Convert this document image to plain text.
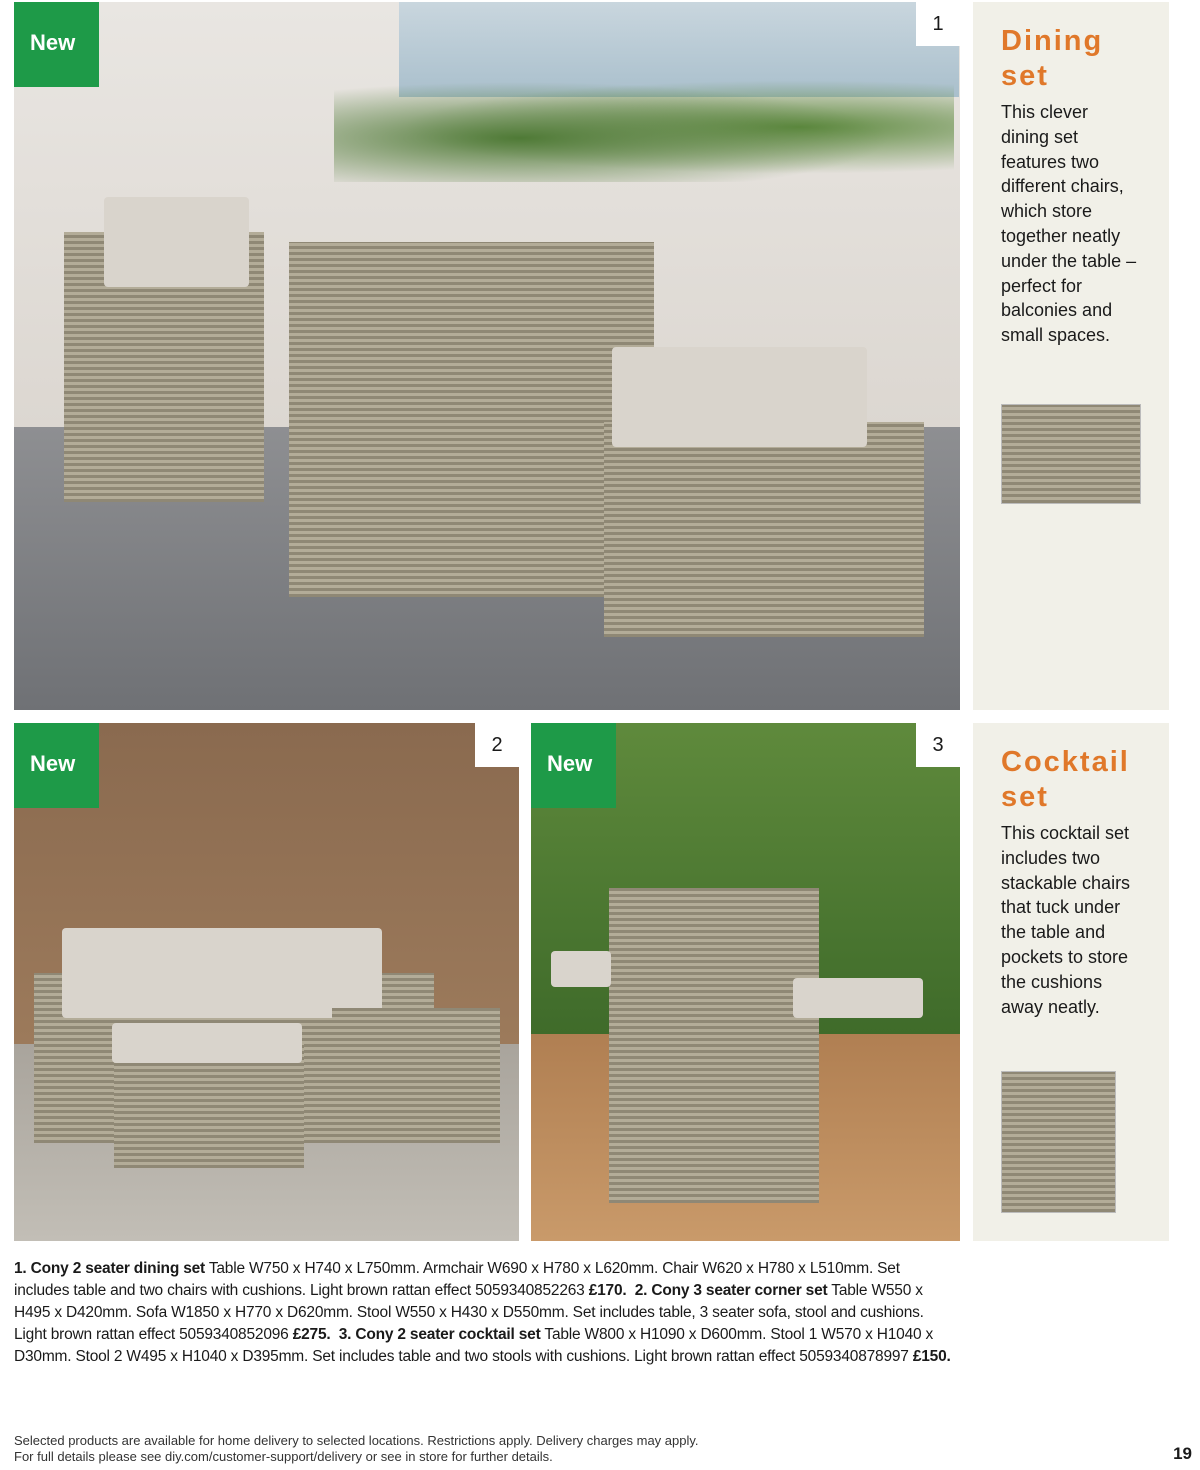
New
1
Dining set

This clever dining set features two different chairs, which store together neatly under the table – perfect for balconies and small spaces.

New
2
New
3
Cocktail set

This cocktail set includes two stackable chairs that tuck under the table and pockets to store the cushions away neatly.

1. Cony 2 seater dining set Table W750 x H740 x L750mm. Armchair W690 x H780 x L620mm. Chair W620 x H780 x L510mm. Set includes table and two chairs with cushions. Light brown rattan effect 5059340852263 £170. 2. Cony 3 seater corner set Table W550 x H495 x D420mm. Sofa W1850 x H770 x D620mm. Stool W550 x H430 x D550mm. Set includes table, 3 seater sofa, stool and cushions. Light brown rattan effect 5059340852096 £275. 3. Cony 2 seater cocktail set Table W800 x H1090 x D600mm. Stool 1 W570 x H1040 x D30mm. Stool 2 W495 x H1040 x D395mm. Set includes table and two stools with cushions. Light brown rattan effect 5059340878997 £150.
Selected products are available for home delivery to selected locations. Restrictions apply. Delivery charges may apply.
For full details please see diy.com/customer-support/delivery or see in store for further details.	19
